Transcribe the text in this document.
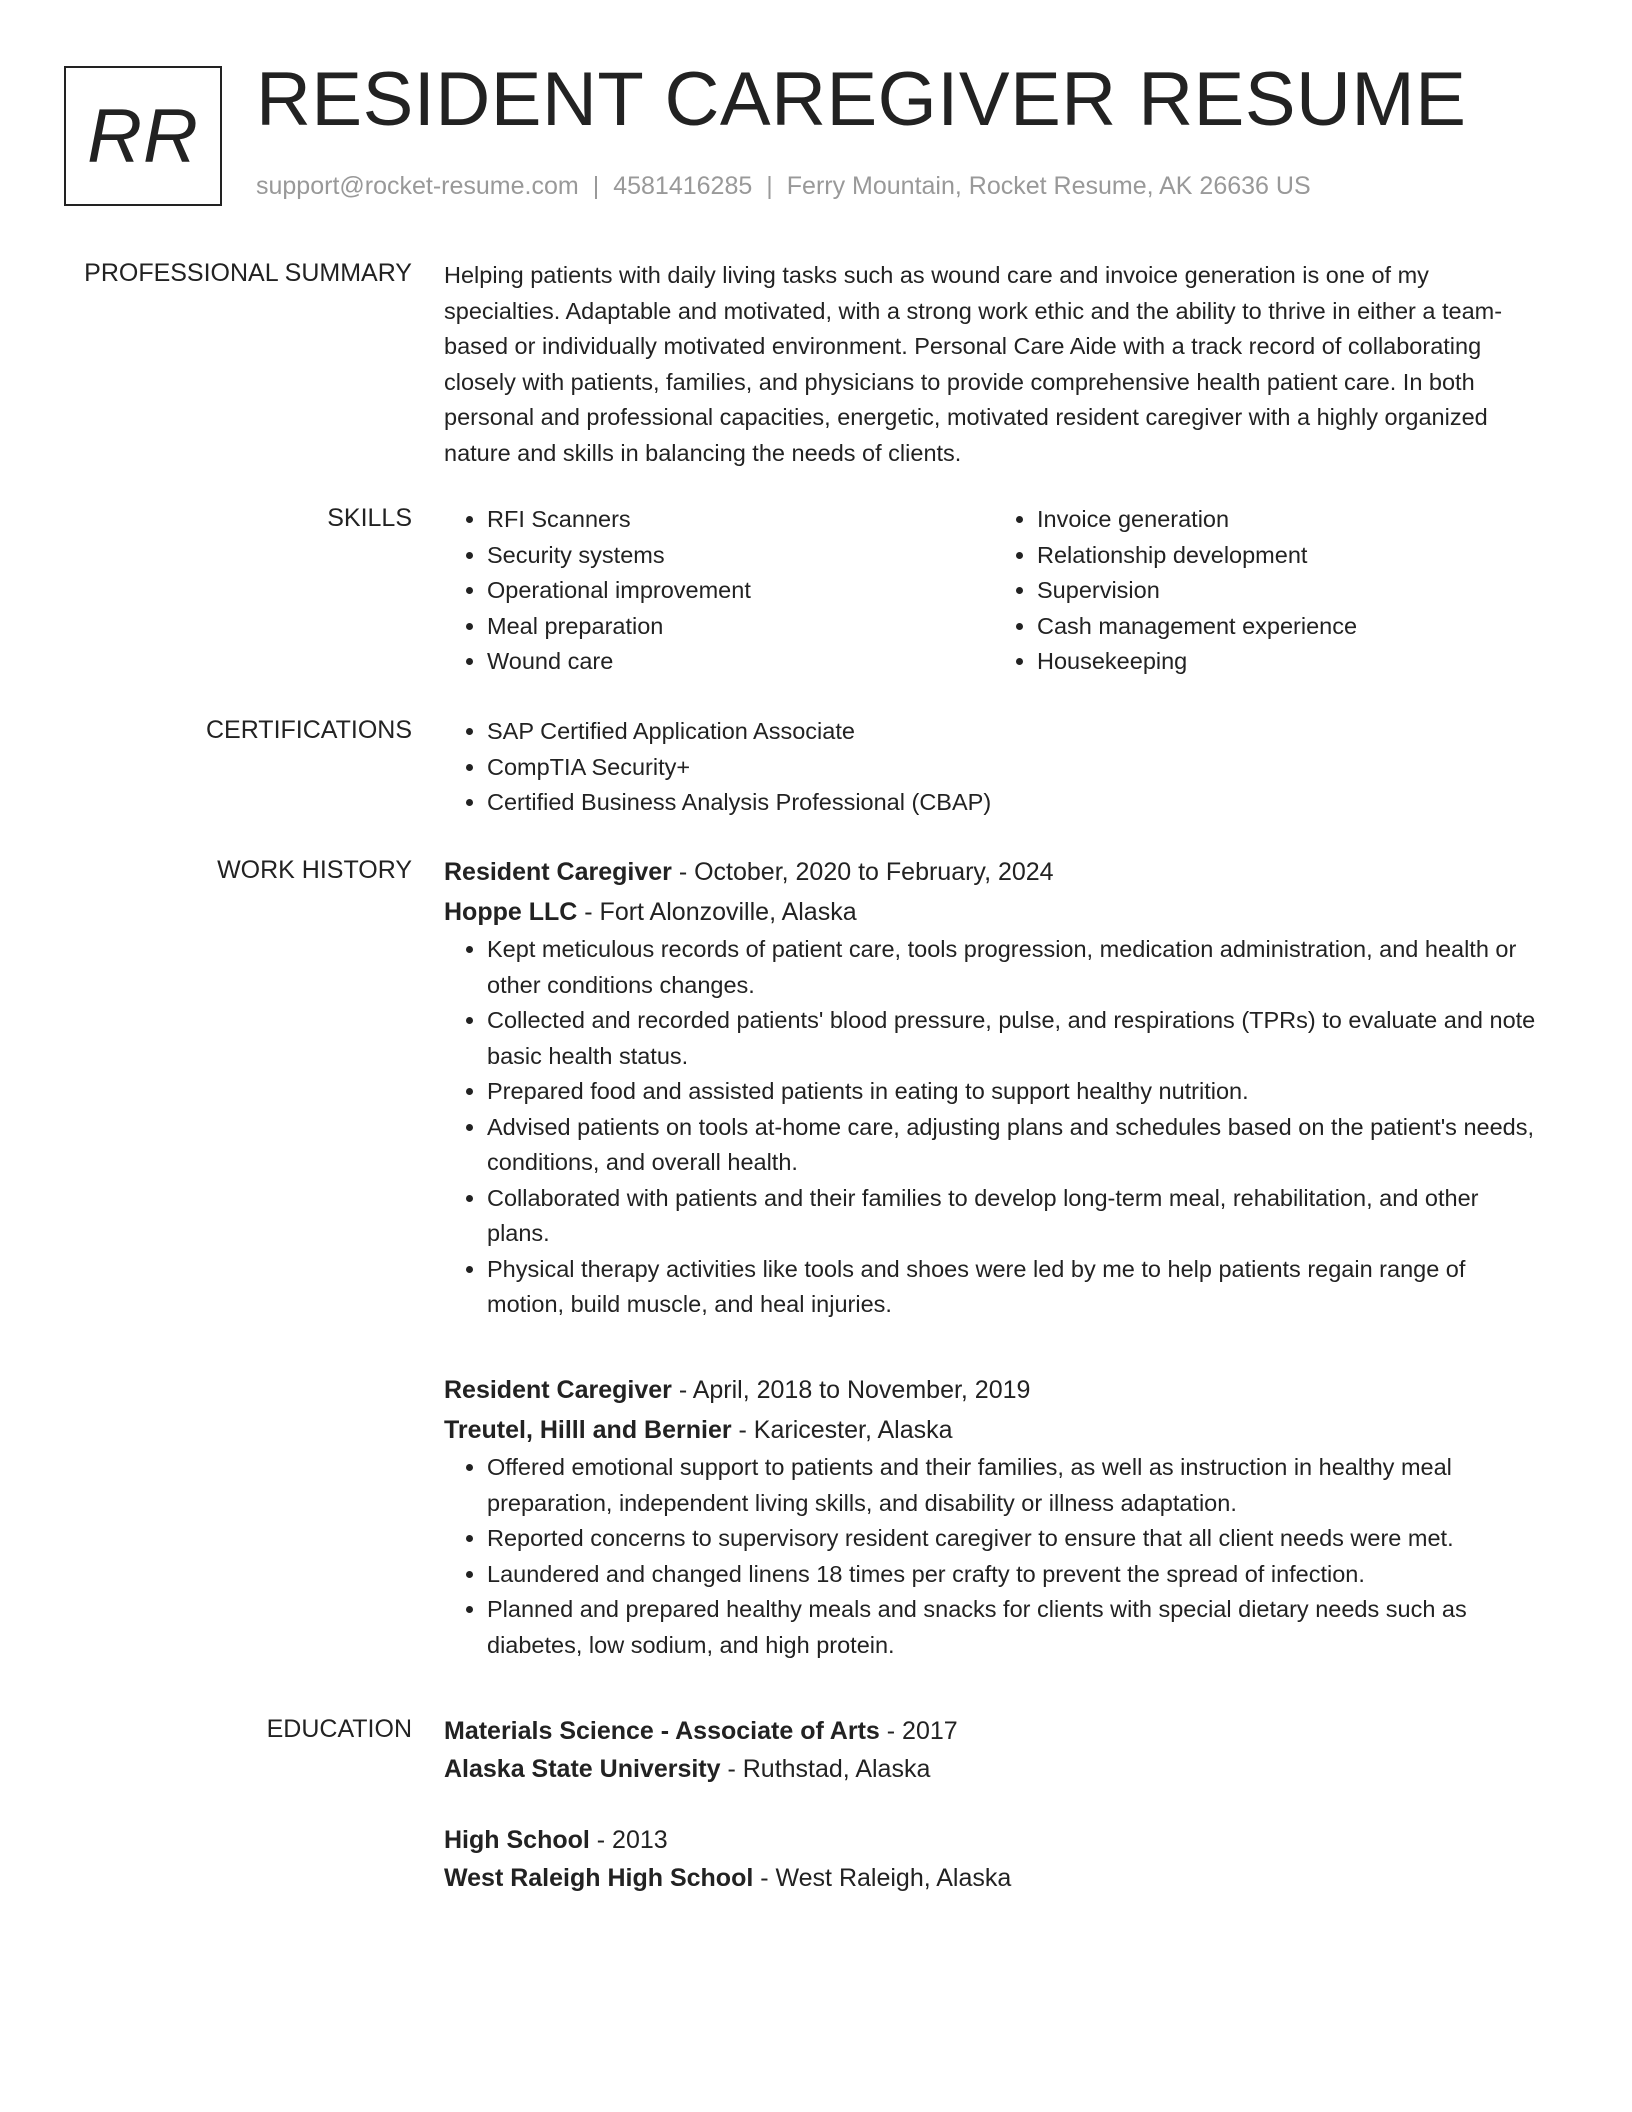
RR RESIDENT CAREGIVER RESUME
support@rocket-resume.com | 4581416285 | Ferry Mountain, Rocket Resume, AK 26636 US
PROFESSIONAL SUMMARY Helping patients with daily living tasks such as wound care and invoice generation is one of my specialties. Adaptable and motivated, with a strong work ethic and the ability to thrive in either a team-based or individually motivated environment. Personal Care Aide with a track record of collaborating closely with patients, families, and physicians to provide comprehensive health patient care. In both personal and professional capacities, energetic, motivated resident caregiver with a highly organized nature and skills in balancing the needs of clients.
SKILLS	• RFI Scanners
• Security systems
• Operational improvement
• Meal preparation
• Wound care
• Invoice generation
• Relationship development
• Supervision
• Cash management experience
• Housekeeping
CERTIFICATIONS	• SAP Certified Application Associate
• CompTIA Security+
• Certified Business Analysis Professional (CBAP)
WORK HISTORY Resident Caregiver - October, 2020 to February, 2024
Hoppe LLC - Fort Alonzoville, Alaska
• Kept meticulous records of patient care, tools progression, medication administration, and health or other conditions changes.
• Collected and recorded patients' blood pressure, pulse, and respirations (TPRs) to evaluate and note basic health status.
• Prepared food and assisted patients in eating to support healthy nutrition.
• Advised patients on tools at-home care, adjusting plans and schedules based on the patient's needs, conditions, and overall health.
• Collaborated with patients and their families to develop long-term meal, rehabilitation, and other plans.
• Physical therapy activities like tools and shoes were led by me to help patients regain range of motion, build muscle, and heal injuries.
Resident Caregiver - April, 2018 to November, 2019
Treutel, Hilll and Bernier - Karicester, Alaska
• Offered emotional support to patients and their families, as well as instruction in healthy meal preparation, independent living skills, and disability or illness adaptation.
• Reported concerns to supervisory resident caregiver to ensure that all client needs were met.
• Laundered and changed linens 18 times per crafty to prevent the spread of infection.
• Planned and prepared healthy meals and snacks for clients with special dietary needs such as diabetes, low sodium, and high protein.
EDUCATION Materials Science - Associate of Arts - 2017
Alaska State University - Ruthstad, Alaska
High School - 2013
West Raleigh High School - West Raleigh, Alaska
